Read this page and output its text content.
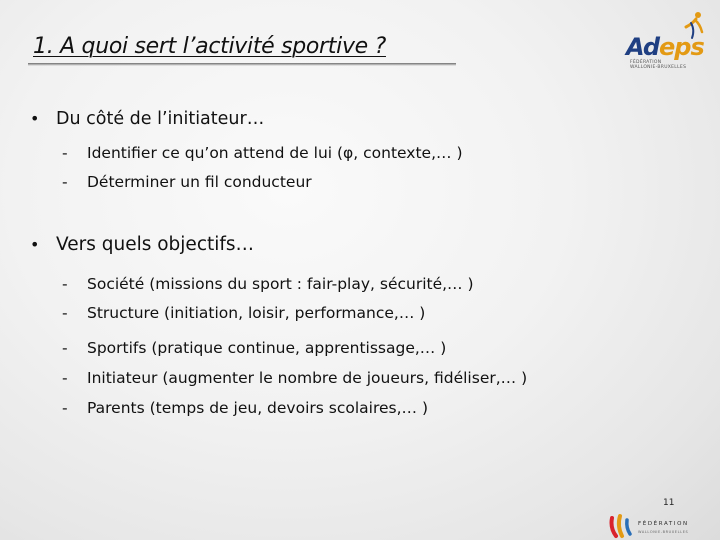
1. A quoi sert l’activité sportive ?	Adeps
FÉDÉRATION
WALLONIE-BRUXELLES
• Du côté de l’initiateur…
- Identifier ce qu’on attend de lui (φ, contexte,… )
- Déterminer un fil conducteur
• Vers quels objectifs…
- Société (missions du sport : fair-play, sécurité,… )
- Structure (initiation, loisir, performance,… )
- Sportifs (pratique continue, apprentissage,… )
- Initiateur (augmenter le nombre de joueurs, fidéliser,… )
- Parents (temps de jeu, devoirs scolaires,… )
11
FÉDÉRATION
WALLONIE-BRUXELLES
